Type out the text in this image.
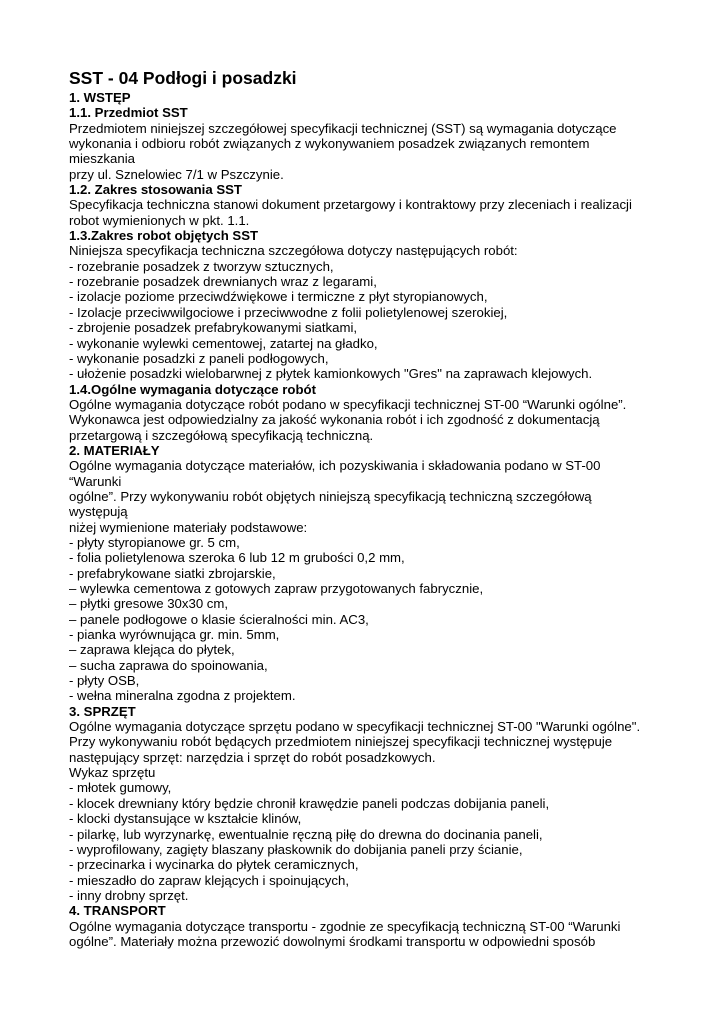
SST - 04 Podłogi i posadzki
1. WSTĘP
1.1. Przedmiot SST
Przedmiotem niniejszej szczegółowej specyfikacji technicznej (SST) są wymagania dotyczące
wykonania i odbioru robót związanych z wykonywaniem posadzek związanych remontem
mieszkania
przy ul. Sznelowiec 7/1 w Pszczynie.
1.2. Zakres stosowania SST
Specyfikacja techniczna stanowi dokument przetargowy i kontraktowy przy zleceniach i realizacji
robot wymienionych w pkt. 1.1.
1.3.Zakres robot objętych SST
Niniejsza specyfikacja techniczna szczegółowa dotyczy następujących robót:
- rozebranie posadzek z tworzyw sztucznych,
- rozebranie posadzek drewnianych wraz z legarami,
- izolacje poziome przeciwdźwiękowe i termiczne z płyt styropianowych,
- Izolacje przeciwwilgociowe i przeciwwodne z folii polietylenowej szerokiej,
- zbrojenie posadzek prefabrykowanymi siatkami,
- wykonanie wylewki cementowej, zatartej na gładko,
- wykonanie posadzki z paneli podłogowych,
- ułożenie posadzki wielobarwnej z płytek kamionkowych "Gres" na zaprawach klejowych.
1.4.Ogólne wymagania dotyczące robót
Ogólne wymagania dotyczące robót podano w specyfikacji technicznej ST-00 “Warunki ogólne”.
Wykonawca jest odpowiedzialny za jakość wykonania robót i ich zgodność z dokumentacją
przetargową i szczegółową specyfikacją techniczną.
2. MATERIAŁY
Ogólne wymagania dotyczące materiałów, ich pozyskiwania i składowania podano w ST-00
“Warunki
ogólne”. Przy wykonywaniu robót objętych niniejszą specyfikacją techniczną szczegółową
występują
niżej wymienione materiały podstawowe:
- płyty styropianowe gr. 5 cm,
- folia polietylenowa szeroka 6 lub 12 m grubości 0,2 mm,
- prefabrykowane siatki zbrojarskie,
– wylewka cementowa z gotowych zapraw przygotowanych fabrycznie,
– płytki gresowe 30x30 cm,
– panele podłogowe o klasie ścieralności min. AC3,
- pianka wyrównująca gr. min. 5mm,
– zaprawa klejąca do płytek,
– sucha zaprawa do spoinowania,
- płyty OSB,
- wełna mineralna zgodna z projektem.
3. SPRZĘT
Ogólne wymagania dotyczące sprzętu podano w specyfikacji technicznej ST-00 "Warunki ogólne".
Przy wykonywaniu robót będących przedmiotem niniejszej specyfikacji technicznej występuje
następujący sprzęt: narzędzia i sprzęt do robót posadzkowych.
Wykaz sprzętu
- młotek gumowy,
- klocek drewniany który będzie chronił krawędzie paneli podczas dobijania paneli,
- klocki dystansujące w kształcie klinów,
- pilarkę, lub wyrzynarkę, ewentualnie ręczną piłę do drewna do docinania paneli,
- wyprofilowany, zagięty blaszany płaskownik do dobijania paneli przy ścianie,
- przecinarka i wycinarka do płytek ceramicznych,
- mieszadło do zapraw klejących i spoinujących,
- inny drobny sprzęt.
4. TRANSPORT
Ogólne wymagania dotyczące transportu - zgodnie ze specyfikacją techniczną ST-00 “Warunki
ogólne”. Materiały można przewozić dowolnymi środkami transportu w odpowiedni sposób
